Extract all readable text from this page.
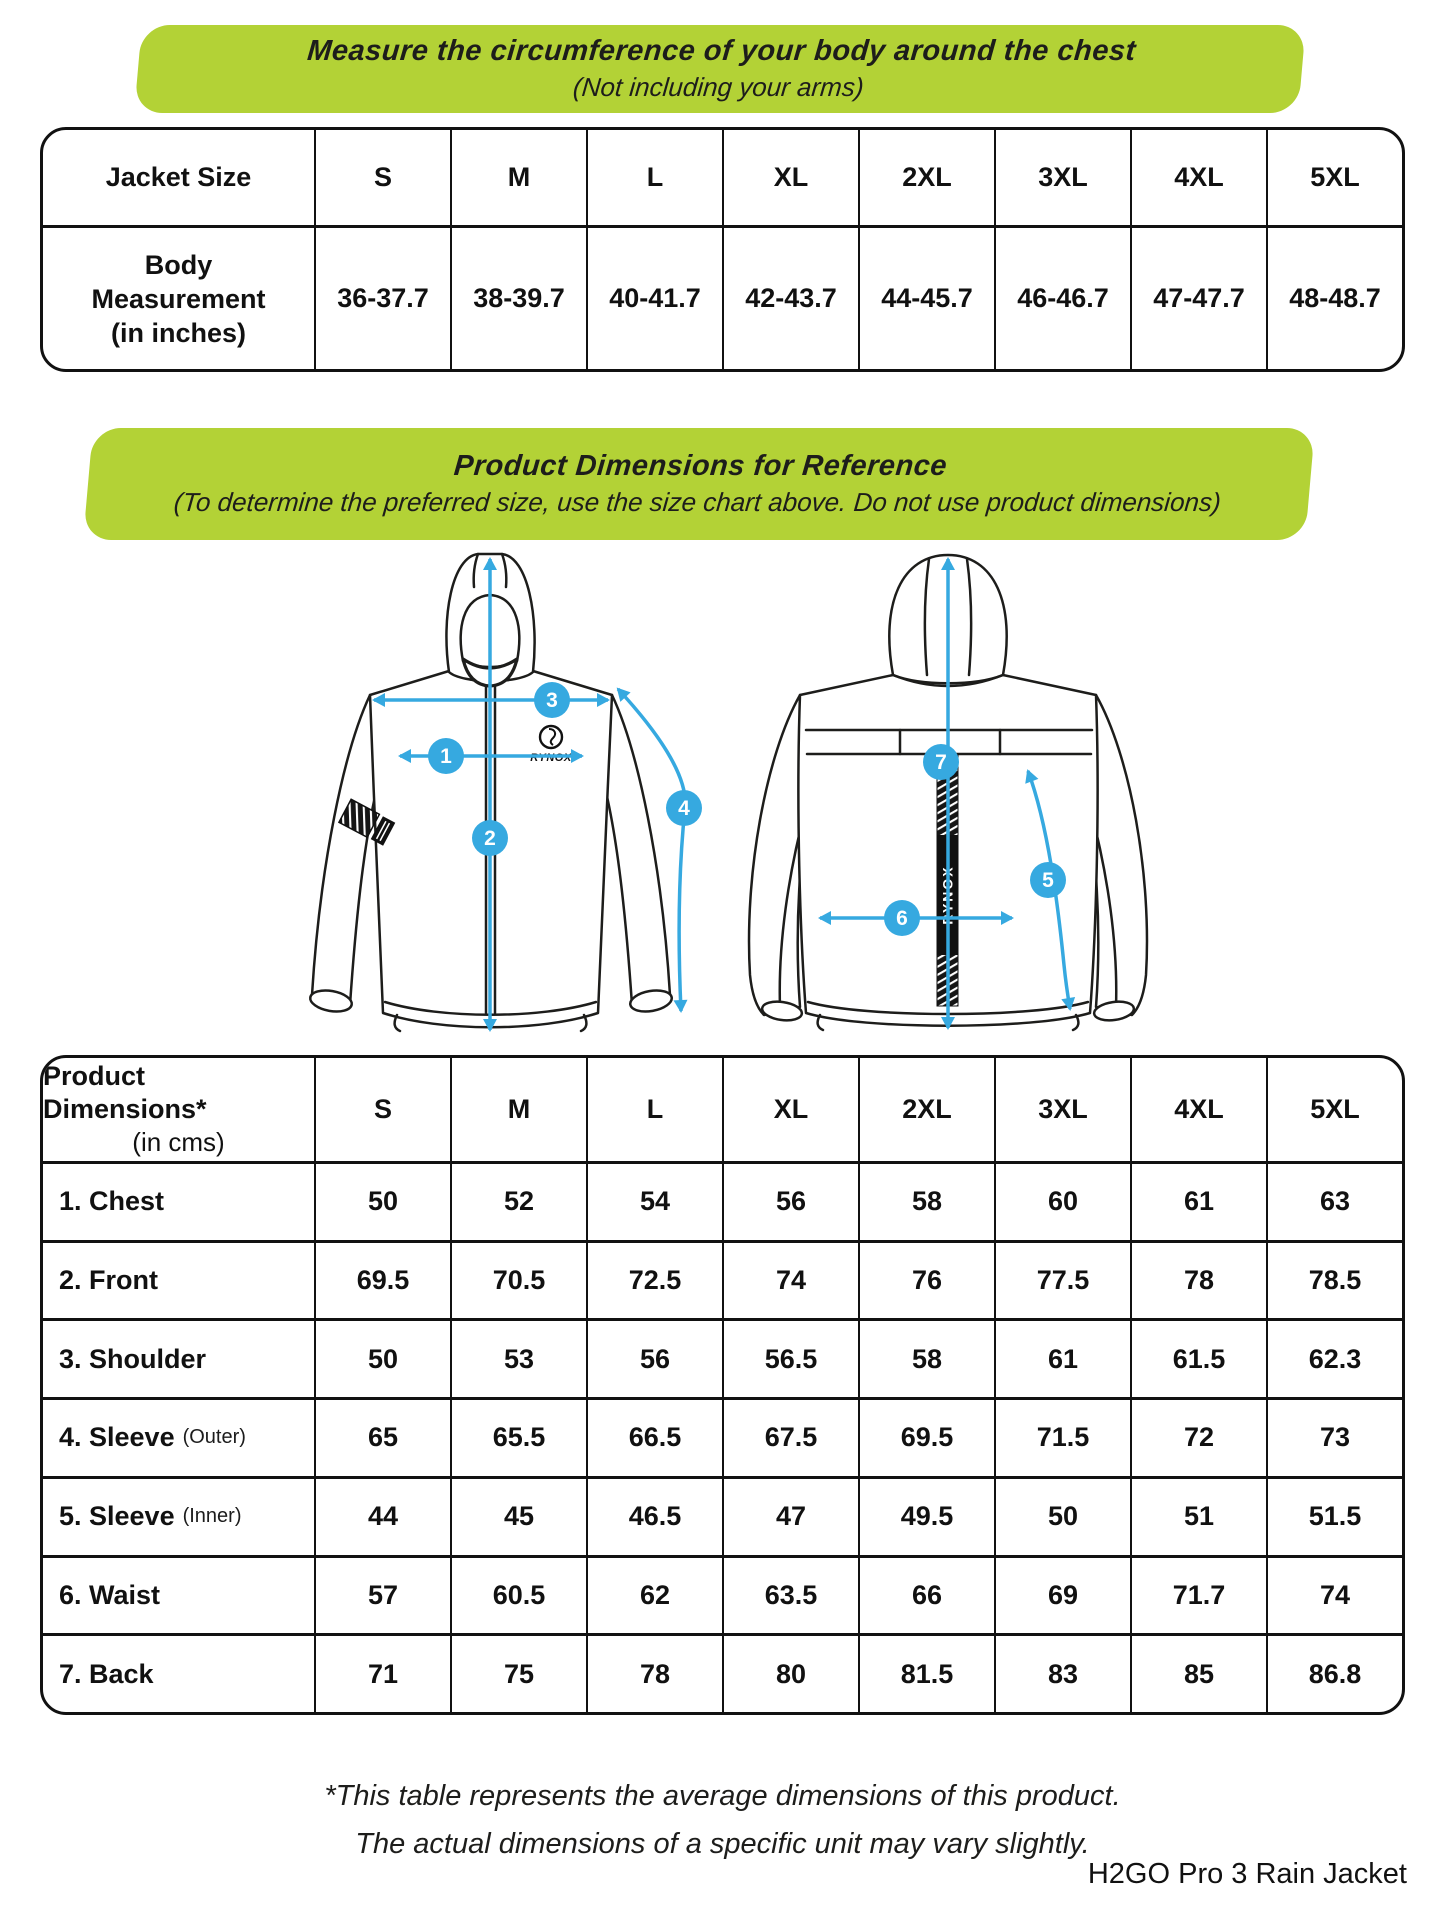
Measure the circumference of your body around the chest
(Not including your arms)
Jacket Size	S	M	L	XL	2XL	3XL	4XL	5XL
Body
Measurement
(in inches)
36-37.7	38-39.7	40-41.7	42-43.7	44-45.7	46-46.7	47-47.7	48-48.7
Product Dimensions for Reference
(To determine the preferred size, use the size chart above. Do not use product dimensions)
RYNOX
1
2
3
4
RYNOX
7
6
5
Product Dimensions*
(in cms)
S	M	L	XL	2XL	3XL	4XL	5XL
1. Chest	50	52	54	56	58	60	61	63
2. Front	69.5	70.5	72.5	74	76	77.5	78	78.5
3. Shoulder	50	53	56	56.5	58	61	61.5	62.3
4. Sleeve (Outer)	65	65.5	66.5	67.5	69.5	71.5	72	73
5. Sleeve (Inner)	44	45	46.5	47	49.5	50	51	51.5
6. Waist	57	60.5	62	63.5	66	69	71.7	74
7. Back	71	75	78	80	81.5	83	85	86.8
*This table represents the average dimensions of this product.
The actual dimensions of a specific unit may vary slightly.
H2GO Pro 3 Rain Jacket
